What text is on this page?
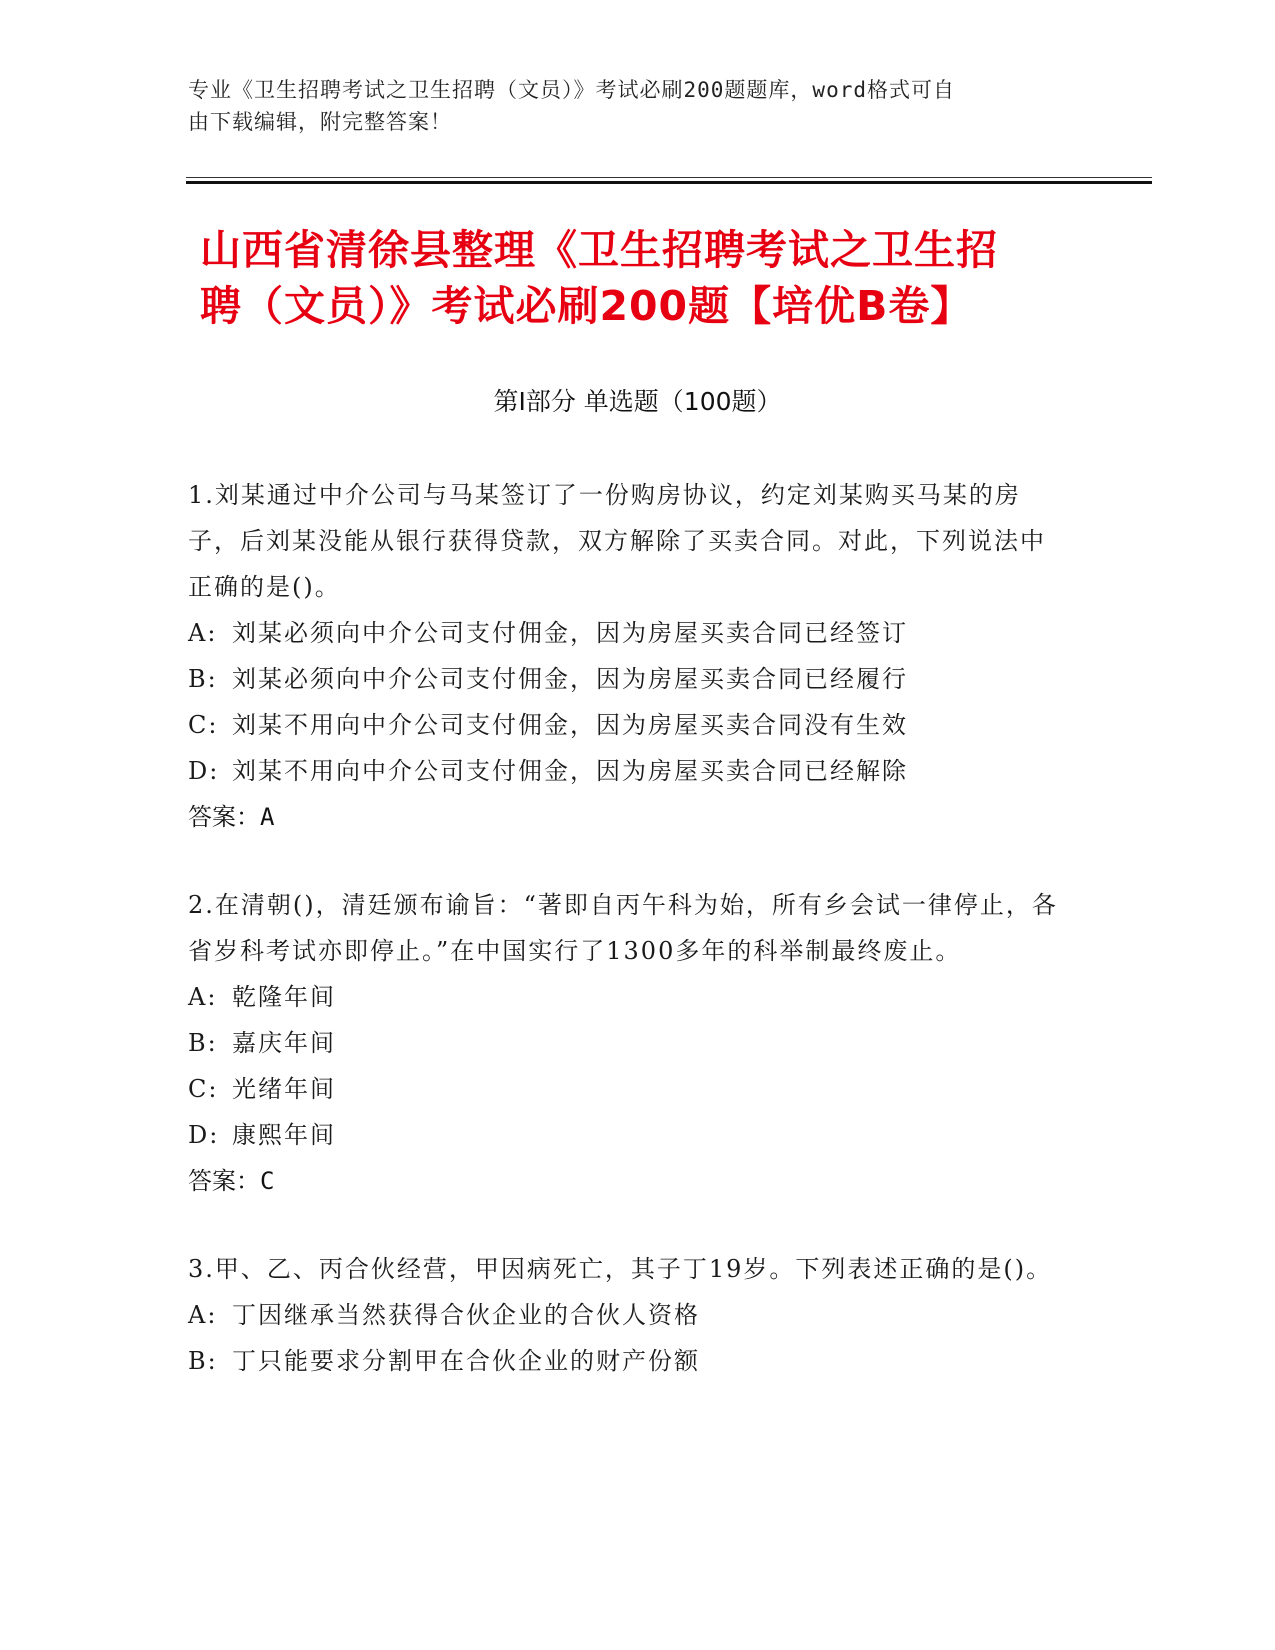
专业《卫生招聘考试之卫生招聘（文员）》考试必刷200题题库，word格式可自
由下载编辑，附完整答案！
山西省清徐县整理《卫生招聘考试之卫生招
聘（文员）》考试必刷200题【培优B卷】
第Ⅰ部分 单选题（100题）

1.刘某通过中介公司与马某签订了一份购房协议，约定刘某购买马某的房子，后刘某没能从银行获得贷款，双方解除了买卖合同。对此，下列说法中正确的是()。

A: 刘某必须向中介公司支付佣金，因为房屋买卖合同已经签订

B: 刘某必须向中介公司支付佣金，因为房屋买卖合同已经履行

C: 刘某不用向中介公司支付佣金，因为房屋买卖合同没有生效

D: 刘某不用向中介公司支付佣金，因为房屋买卖合同已经解除

答案：A

2.在清朝()，清廷颁布谕旨：“著即自丙午科为始，所有乡会试一律停止，各省岁科考试亦即停止。”在中国实行了1300多年的科举制最终废止。

A: 乾隆年间

B: 嘉庆年间

C: 光绪年间

D: 康熙年间

答案：C

3.甲、乙、丙合伙经营，甲因病死亡，其子丁19岁。下列表述正确的是()。

A: 丁因继承当然获得合伙企业的合伙人资格

B: 丁只能要求分割甲在合伙企业的财产份额
